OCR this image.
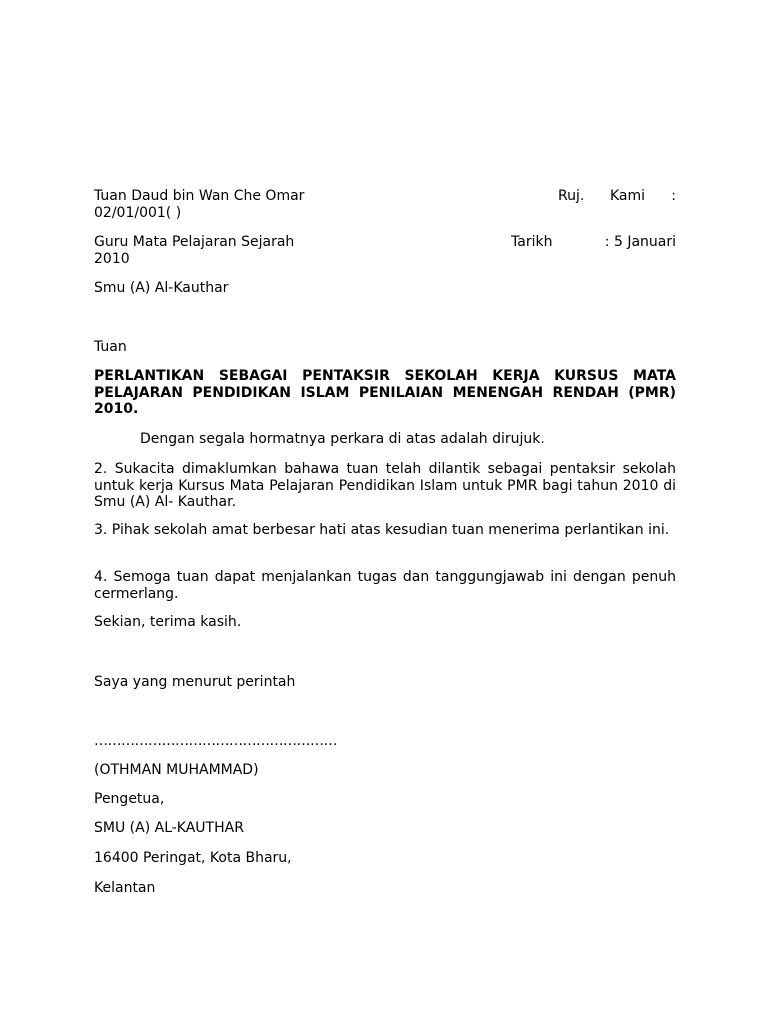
Tuan Daud bin Wan Che Omar	Ruj. Kami :
02/01/001( )
Guru Mata Pelajaran Sejarah	Tarikh	: 5 Januari
2010
Smu (A) Al-Kauthar
Tuan
PERLANTIKAN SEBAGAI PENTAKSIR SEKOLAH KERJA KURSUS MATA PELAJARAN PENDIDIKAN ISLAM PENILAIAN MENENGAH RENDAH (PMR) 2010.
Dengan segala hormatnya perkara di atas adalah dirujuk.
2. Sukacita dimaklumkan bahawa tuan telah dilantik sebagai pentaksir sekolah untuk kerja Kursus Mata Pelajaran Pendidikan Islam untuk PMR bagi tahun 2010 di Smu (A) Al- Kauthar.
3. Pihak sekolah amat berbesar hati atas kesudian tuan menerima perlantikan ini.
4. Semoga tuan dapat menjalankan tugas dan tanggungjawab ini dengan penuh cermerlang.
Sekian, terima kasih.
Saya yang menurut perintah
………………………………………………
(OTHMAN MUHAMMAD)
Pengetua,
SMU (A) AL-KAUTHAR
16400 Peringat, Kota Bharu,
Kelantan
